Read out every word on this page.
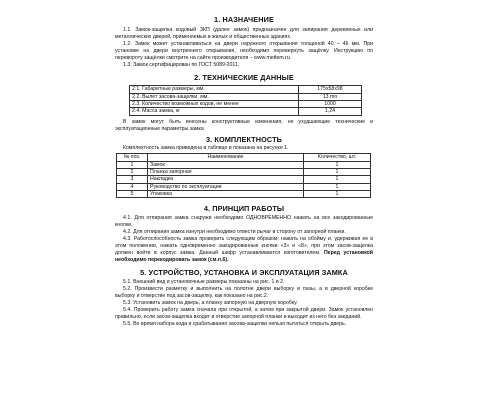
1. НАЗНАЧЕНИЕ
1.1. Замок-защелка кодовый ЗКП (далее замок) предназначен для запирания деревянных или металлических дверей, применяемых в жилых и общественных зданиях.
1.2. Замок может устанавливаться на двери наружного открывания толщиной 40 – 46 мм. При установке на двери внутреннего открывания, необходимо перевернуть защёлку. Инструкцию по перевороту защёлки смотрите на сайте производителя – www.mettem.ru.
1.3. Замок сертифицирован по ГОСТ 5089-2011.
2. ТЕХНИЧЕСКИЕ ДАННЫЕ
2.1. Габаритные размеры, мм.	175х58х98
2.2. Вылет засова-защелки, мм.	13 mn
2.3. Количество возможных кодов, не менее	1000
2.4. Масса замка, кг	1,24
В замок могут быть внесены конструктивные изменения, не ухудшающие технические и эксплуатационные параметры замка
3. КОМПЛЕКТНОСТЬ
Комплектность замка приведена в таблице и показана на рисунке 1.
№ поз.	Наименование	Количество, шт.
1	Замок	1
2	Планка запорная	1
3	Накладка	1
4	Руководство по эксплуатации	1
5	Упаковка	1
4. ПРИНЦИП РАБОТЫ
4.1. Для отпирания замка снаружи необходимо ОДНОВРЕМЕННО нажать на все закодированные кнопки.
4.2. Для отпирания замка изнутри необходимо отвести рычаг в сторону от запорной планки.
4.3. Работоспособность замка проверить следующим образом: нажать на обойму и, удерживая ее в этом положении, нажать одновременно закодированные кнопки «3» и «8», при этом засов-защелка должен войти в корпус замка. Данный шифр устанавливается изготовителем. Перед установкой необходимо перекодировать замок (см.п.6).
5. УСТРОЙСТВО, УСТАНОВКА И ЭКСПЛУАТАЦИЯ ЗАМКА
5.1. Внешний вид и установочные размеры показаны на рис. 1 и 2.
5.2. Произвести разметку и выполнить на полотне двери выборку и пазы, а в дверной коробке выборку и отверстие под засов-защелку, как показано на рис.2.
5.3. Установить замок на дверь, а планку запорную на дверную коробку.
5.4. Проверить работу замка сначала при открытой, а затем при закрытой двери. Замок установлен правильно, если засов-защелка входит в отверстие запорной планки и выходит из него без заеданий.
5.5. Во время набора кода и срабатывания засова-защелки нельзя пытаться открыть дверь.
